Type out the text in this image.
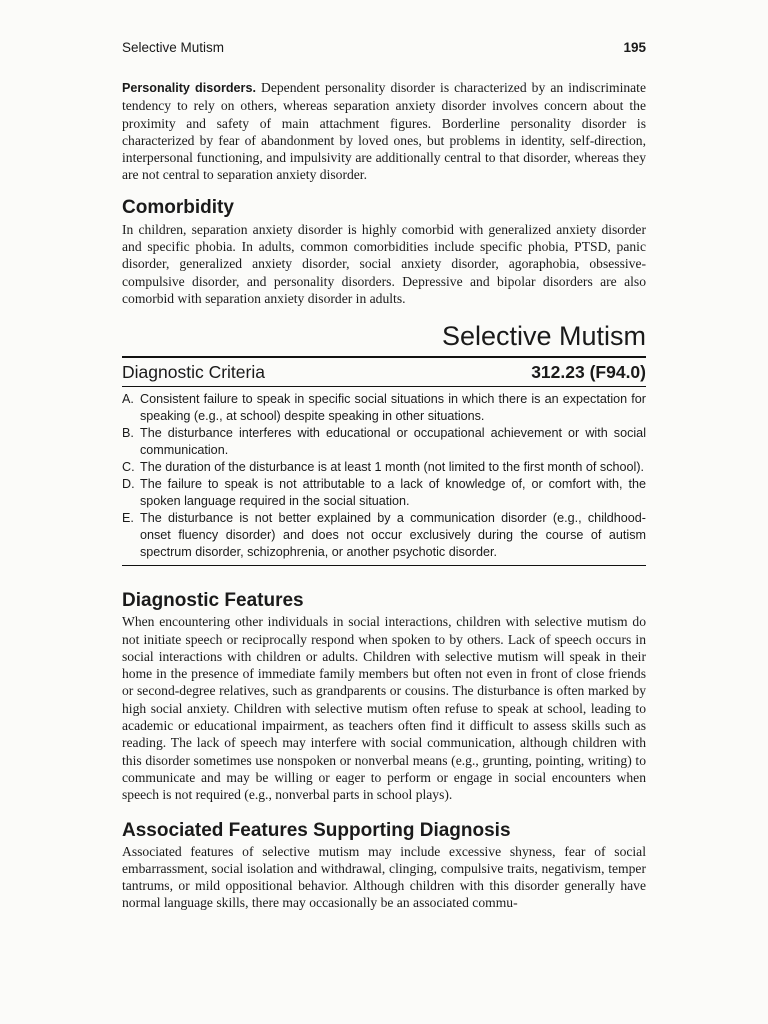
Selective Mutism	195

Personality disorders. Dependent personality disorder is characterized by an indiscriminate tendency to rely on others, whereas separation anxiety disorder involves concern about the proximity and safety of main attachment figures. Borderline personality disorder is characterized by fear of abandonment by loved ones, but problems in identity, self-direction, interpersonal functioning, and impulsivity are additionally central to that disorder, whereas they are not central to separation anxiety disorder.

Comorbidity

In children, separation anxiety disorder is highly comorbid with generalized anxiety disorder and specific phobia. In adults, common comorbidities include specific phobia, PTSD, panic disorder, generalized anxiety disorder, social anxiety disorder, agoraphobia, obsessive-compulsive disorder, and personality disorders. Depressive and bipolar disorders are also comorbid with separation anxiety disorder in adults.

Selective Mutism
Diagnostic Criteria	312.23 (F94.0)
A. Consistent failure to speak in specific social situations in which there is an expectation for speaking (e.g., at school) despite speaking in other situations.
B. The disturbance interferes with educational or occupational achievement or with social communication.
C. The duration of the disturbance is at least 1 month (not limited to the first month of school).
D. The failure to speak is not attributable to a lack of knowledge of, or comfort with, the spoken language required in the social situation.
E. The disturbance is not better explained by a communication disorder (e.g., childhood-onset fluency disorder) and does not occur exclusively during the course of autism spectrum disorder, schizophrenia, or another psychotic disorder.
Diagnostic Features

When encountering other individuals in social interactions, children with selective mutism do not initiate speech or reciprocally respond when spoken to by others. Lack of speech occurs in social interactions with children or adults. Children with selective mutism will speak in their home in the presence of immediate family members but often not even in front of close friends or second-degree relatives, such as grandparents or cousins. The disturbance is often marked by high social anxiety. Children with selective mutism often refuse to speak at school, leading to academic or educational impairment, as teachers often find it difficult to assess skills such as reading. The lack of speech may interfere with social communication, although children with this disorder sometimes use nonspoken or nonverbal means (e.g., grunting, pointing, writing) to communicate and may be willing or eager to perform or engage in social encounters when speech is not required (e.g., nonverbal parts in school plays).

Associated Features Supporting Diagnosis

Associated features of selective mutism may include excessive shyness, fear of social embarrassment, social isolation and withdrawal, clinging, compulsive traits, negativism, temper tantrums, or mild oppositional behavior. Although children with this disorder generally have normal language skills, there may occasionally be an associated commu-
